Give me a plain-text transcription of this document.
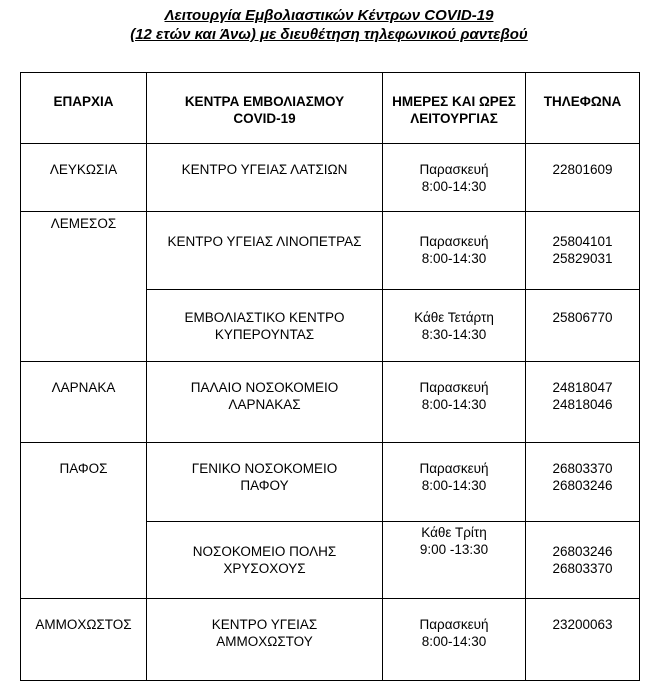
Λειτουργία Εμβολιαστικών Κέντρων COVID-19
(12 ετών και Άνω) με διευθέτηση τηλεφωνικού ραντεβού
ΕΠΑΡΧΙΑ	ΚΕΝΤΡΑ ΕΜΒΟΛΙΑΣΜΟΥ
COVID-19	ΗΜΕΡΕΣ ΚΑΙ ΩΡΕΣ
ΛΕΙΤΟΥΡΓΙΑΣ	ΤΗΛΕΦΩΝΑ
ΛΕΥΚΩΣΙΑ	ΚΕΝΤΡΟ ΥΓΕΙΑΣ ΛΑΤΣΙΩΝ	Παρασκευή
8:00-14:30	22801609

ΛΕΜΕΣΟΣ	ΚΕΝΤΡΟ ΥΓΕΙΑΣ ΛΙΝΟΠΕΤΡΑΣ	Παρασκευή
8:00-14:30	25804101
25829031

	ΕΜΒΟΛΙΑΣΤΙΚΟ ΚΕΝΤΡΟ
ΚΥΠΕΡΟΥΝΤΑΣ	Κάθε Τετάρτη
8:30-14:30	25806770

ΛΑΡΝΑΚΑ	ΠΑΛΑΙΟ ΝΟΣΟΚΟΜΕΙΟ
ΛΑΡΝΑΚΑΣ	Παρασκευή
8:00-14:30	24818047
24818046

ΠΑΦΟΣ	ΓΕΝΙΚΟ ΝΟΣΟΚΟΜΕΙΟ
ΠΑΦΟΥ	Παρασκευή
8:00-14:30	26803370
26803246

	ΝΟΣΟΚΟΜΕΙΟ ΠΟΛΗΣ
ΧΡΥΣΟΧΟΥΣ	Κάθε Τρίτη
9:00 -13:30	26803246
26803370

ΑΜΜΟΧΩΣΤΟΣ	ΚΕΝΤΡΟ ΥΓΕΙΑΣ
ΑΜΜΟΧΩΣΤΟΥ	Παρασκευή
8:00-14:30	23200063
